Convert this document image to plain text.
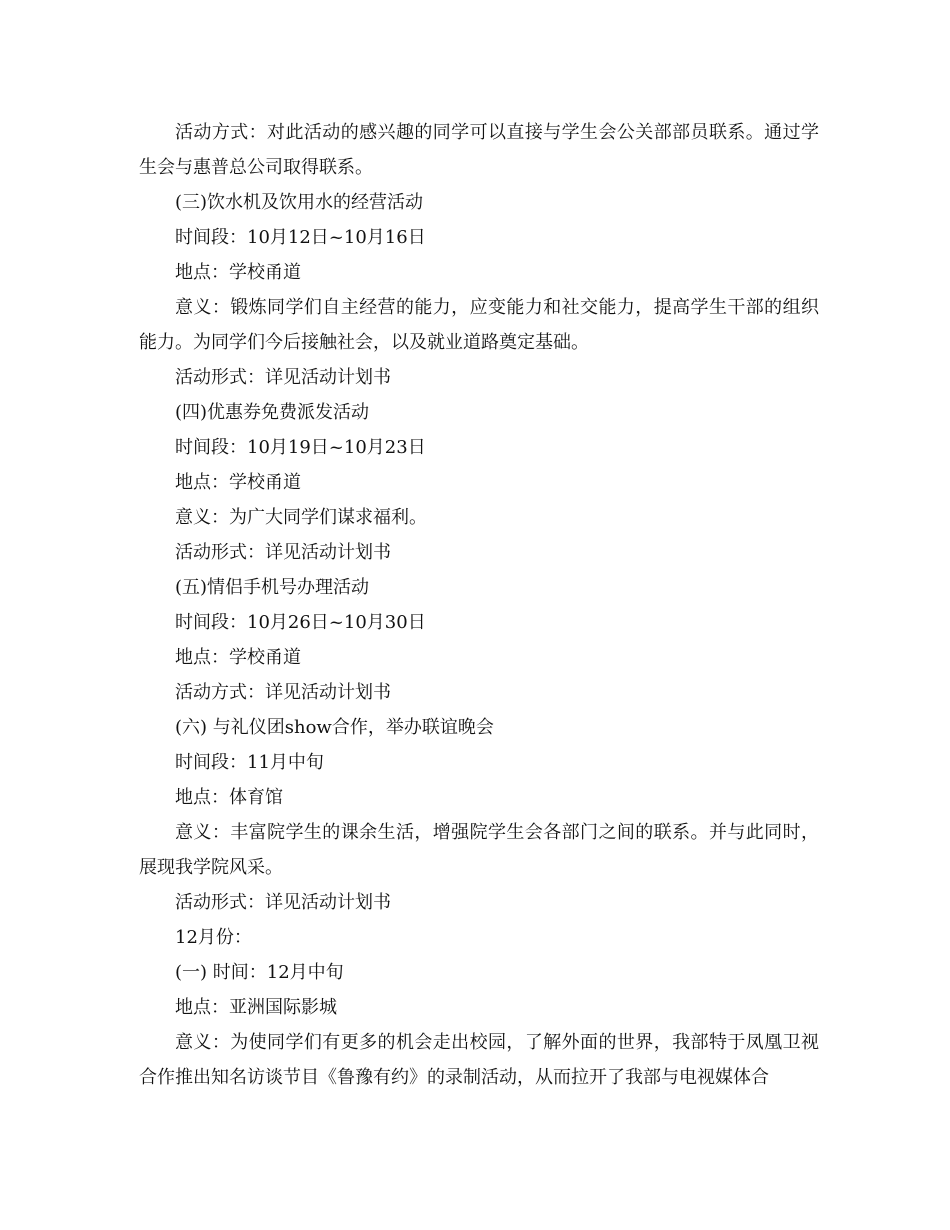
活动方式：对此活动的感兴趣的同学可以直接与学生会公关部部员联系。通过学生会与惠普总公司取得联系。

(三)饮水机及饮用水的经营活动

时间段：10月12日~10月16日

地点：学校甬道

意义：锻炼同学们自主经营的能力，应变能力和社交能力，提高学生干部的组织能力。为同学们今后接触社会，以及就业道路奠定基础。

活动形式：详见活动计划书

(四)优惠券免费派发活动

时间段：10月19日~10月23日

地点：学校甬道

意义：为广大同学们谋求福利。

活动形式：详见活动计划书

(五)情侣手机号办理活动

时间段：10月26日~10月30日

地点：学校甬道

活动方式：详见活动计划书

(六) 与礼仪团show合作，举办联谊晚会

时间段：11月中旬

地点：体育馆

意义：丰富院学生的课余生活，增强院学生会各部门之间的联系。并与此同时，展现我学院风采。

活动形式：详见活动计划书

12月份：

(一) 时间：12月中旬

地点：亚洲国际影城

意义：为使同学们有更多的机会走出校园，了解外面的世界，我部特于凤凰卫视合作推出知名访谈节目《鲁豫有约》的录制活动，从而拉开了我部与电视媒体合
